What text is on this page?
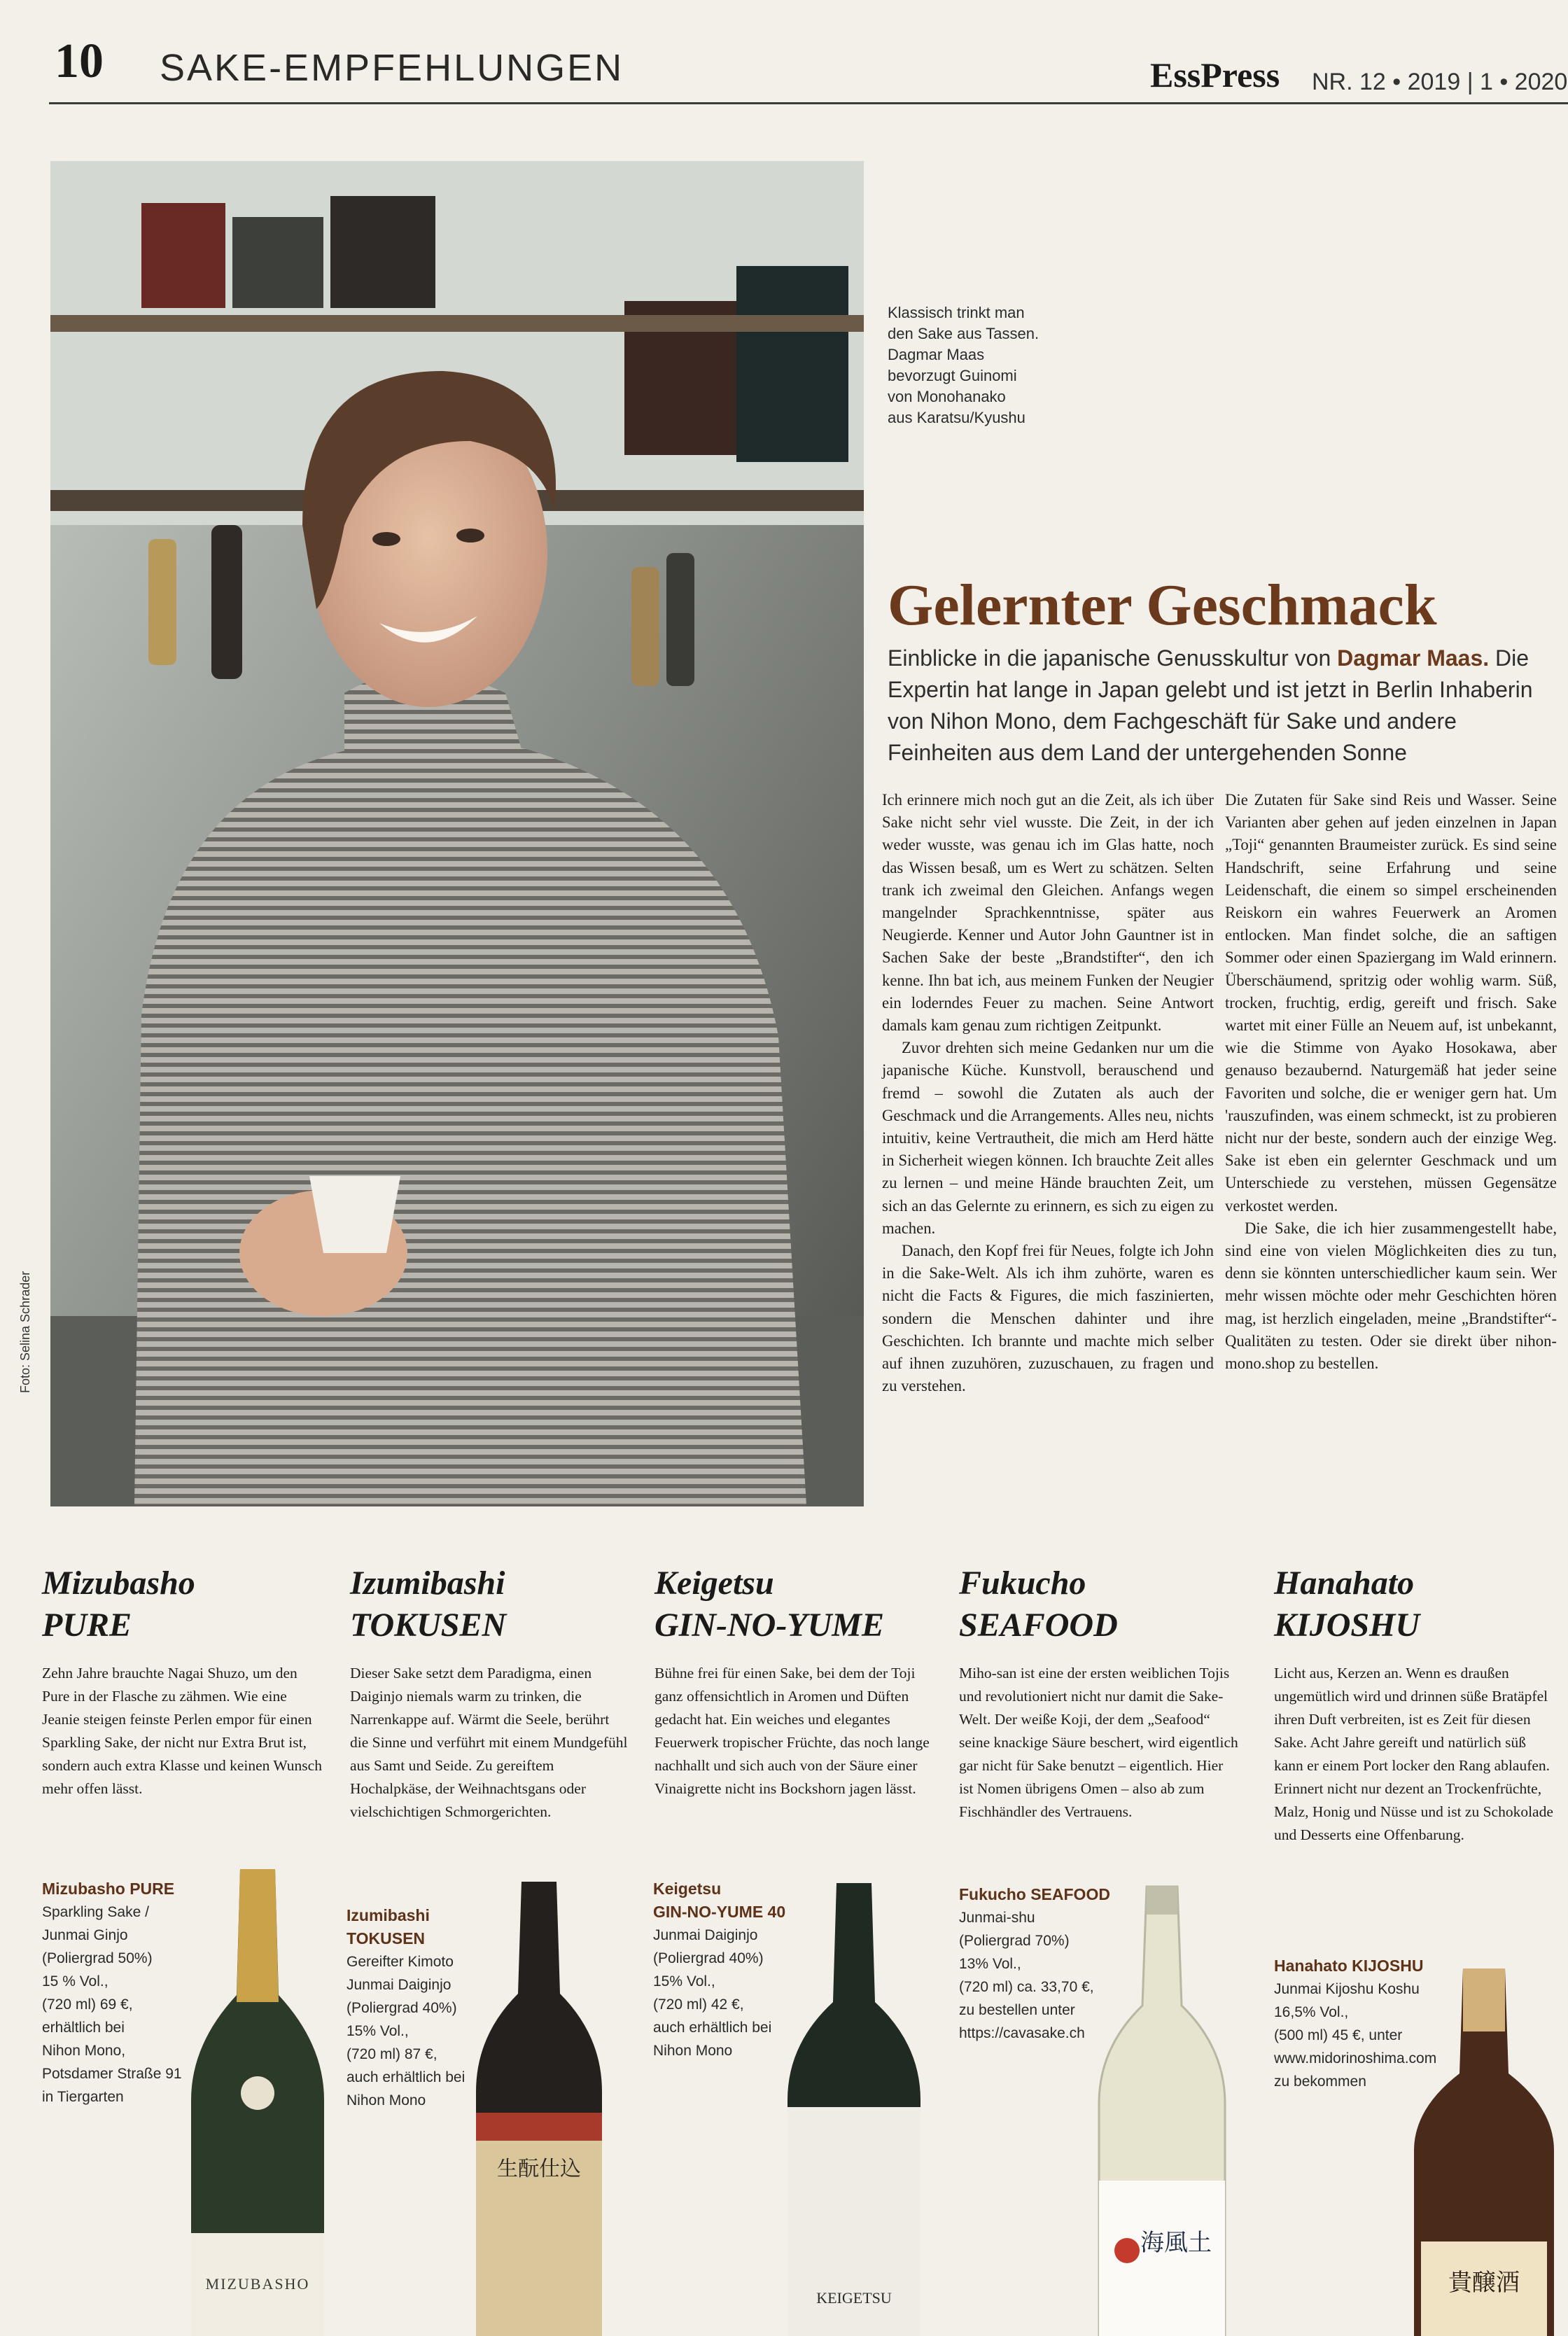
10 SAKE-EMPFEHLUNGEN	EssPress NR. 12 • 2019 | 1 • 2020
Foto: Selina Schrader
Klassisch trinkt man
den Sake aus Tassen.
Dagmar Maas
bevorzugt Guinomi
von Monohanako
aus Karatsu/Kyushu
Gelernter Geschmack
Einblicke in die japanische Genusskultur von Dagmar Maas. Die Expertin hat lange in Japan gelebt und ist jetzt in Berlin Inhaberin von Nihon Mono, dem Fachgeschäft für Sake und andere Feinheiten aus dem Land der untergehenden Sonne

Ich erinnere mich noch gut an die Zeit, als ich über Sake nicht sehr viel wusste. Die Zeit, in der ich weder wusste, was genau ich im Glas hatte, noch das Wissen besaß, um es Wert zu schätzen. Selten trank ich zweimal den Gleichen. Anfangs wegen mangelnder Sprachkenntnisse, später aus Neugierde. Kenner und Autor John Gauntner ist in Sachen Sake der beste „Brandstifter“, den ich kenne. Ihn bat ich, aus meinem Funken der Neugier ein loderndes Feuer zu machen. Seine Antwort damals kam genau zum richtigen Zeitpunkt.

Zuvor drehten sich meine Gedanken nur um die japanische Küche. Kunstvoll, berauschend und fremd – sowohl die Zutaten als auch der Geschmack und die Arrangements. Alles neu, nichts intuitiv, keine Vertrautheit, die mich am Herd hätte in Sicherheit wiegen können. Ich brauchte Zeit alles zu lernen – und meine Hände brauchten Zeit, um sich an das Gelernte zu erinnern, es sich zu eigen zu machen.

Danach, den Kopf frei für Neues, folgte ich John in die Sake-Welt. Als ich ihm zuhörte, waren es nicht die Facts & Figures, die mich faszinierten, sondern die Menschen dahinter und ihre Geschichten. Ich brannte und machte mich selber auf ihnen zuzuhören, zuzuschauen, zu fragen und zu verstehen.

Die Zutaten für Sake sind Reis und Wasser. Seine Varianten aber gehen auf jeden einzelnen in Japan „Toji“ genannten Braumeister zurück. Es sind seine Handschrift, seine Erfahrung und seine Leidenschaft, die einem so simpel erscheinenden Reiskorn ein wahres Feuerwerk an Aromen entlocken. Man findet solche, die an saftigen Sommer oder einen Spaziergang im Wald erinnern. Überschäumend, spritzig oder wohlig warm. Süß, trocken, fruchtig, erdig, gereift und frisch. Sake wartet mit einer Fülle an Neuem auf, ist unbekannt, wie die Stimme von Ayako Hosokawa, aber genauso bezaubernd. Naturgemäß hat jeder seine Favoriten und solche, die er weniger gern hat. Um 'rauszufinden, was einem schmeckt, ist zu probieren nicht nur der beste, sondern auch der einzige Weg. Sake ist eben ein gelernter Geschmack und um Unterschiede zu verstehen, müssen Gegensätze verkostet werden.

Die Sake, die ich hier zusammengestellt habe, sind eine von vielen Möglichkeiten dies zu tun, denn sie könnten unterschiedlicher kaum sein. Wer mehr wissen möchte oder mehr Geschichten hören mag, ist herzlich eingeladen, meine „Brandstifter“-Qualitäten zu testen. Oder sie direkt über nihon-mono.shop zu bestellen.

Mizubasho
PURE
Zehn Jahre brauchte Nagai Shuzo, um den Pure in der Flasche zu zähmen. Wie eine Jeanie steigen feinste Perlen empor für einen Sparkling Sake, der nicht nur Extra Brut ist, sondern auch extra Klasse und keinen Wunsch mehr offen lässt.
Mizubasho PURE
Sparkling Sake /
Junmai Ginjo
(Poliergrad 50%)
15 % Vol.,
(720 ml) 69 €,
erhältlich bei
Nihon Mono,
Potsdamer Straße 91
in Tiergarten
MIZUBASHO
Izumibashi
TOKUSEN
Dieser Sake setzt dem Paradigma, einen Daiginjo niemals warm zu trinken, die Narrenkappe auf. Wärmt die Seele, berührt die Sinne und verführt mit einem Mundgefühl aus Samt und Seide. Zu gereiftem Hochalpkäse, der Weihnachtsgans oder vielschichtigen Schmorgerichten.
Izumibashi
TOKUSEN
Gereifter Kimoto
Junmai Daiginjo
(Poliergrad 40%)
15% Vol.,
(720 ml) 87 €,
auch erhältlich bei
Nihon Mono
生酛仕込
Keigetsu
GIN-NO-YUME
Bühne frei für einen Sake, bei dem der Toji ganz offensichtlich in Aromen und Düften gedacht hat. Ein weiches und elegantes Feuerwerk tropischer Früchte, das noch lange nachhallt und sich auch von der Säure einer Vinaigrette nicht ins Bockshorn jagen lässt.
Keigetsu
GIN-NO-YUME 40
Junmai Daiginjo
(Poliergrad 40%)
15% Vol.,
(720 ml) 42 €,
auch erhältlich bei
Nihon Mono
KEIGETSU
Fukucho
SEAFOOD
Miho-san ist eine der ersten weiblichen Tojis und revolutioniert nicht nur damit die Sake-Welt. Der weiße Koji, der dem „Seafood“ seine knackige Säure beschert, wird eigentlich gar nicht für Sake benutzt – eigentlich. Hier ist Nomen übrigens Omen – also ab zum Fischhändler des Vertrauens.
Fukucho SEAFOOD
Junmai-shu
(Poliergrad 70%)
13% Vol.,
(720 ml) ca. 33,70 €,
zu bestellen unter
https://cavasake.ch
海風土
Hanahato
KIJOSHU
Licht aus, Kerzen an. Wenn es draußen ungemütlich wird und drinnen süße Bratäpfel ihren Duft verbreiten, ist es Zeit für diesen Sake. Acht Jahre gereift und natürlich süß kann er einem Port locker den Rang ablaufen. Erinnert nicht nur dezent an Trockenfrüchte, Malz, Honig und Nüsse und ist zu Schokolade und Desserts eine Offenbarung.
Hanahato KIJOSHU
Junmai Kijoshu Koshu
16,5% Vol.,
(500 ml) 45 €, unter
www.midorinoshima.com
zu bekommen
貴醸酒
